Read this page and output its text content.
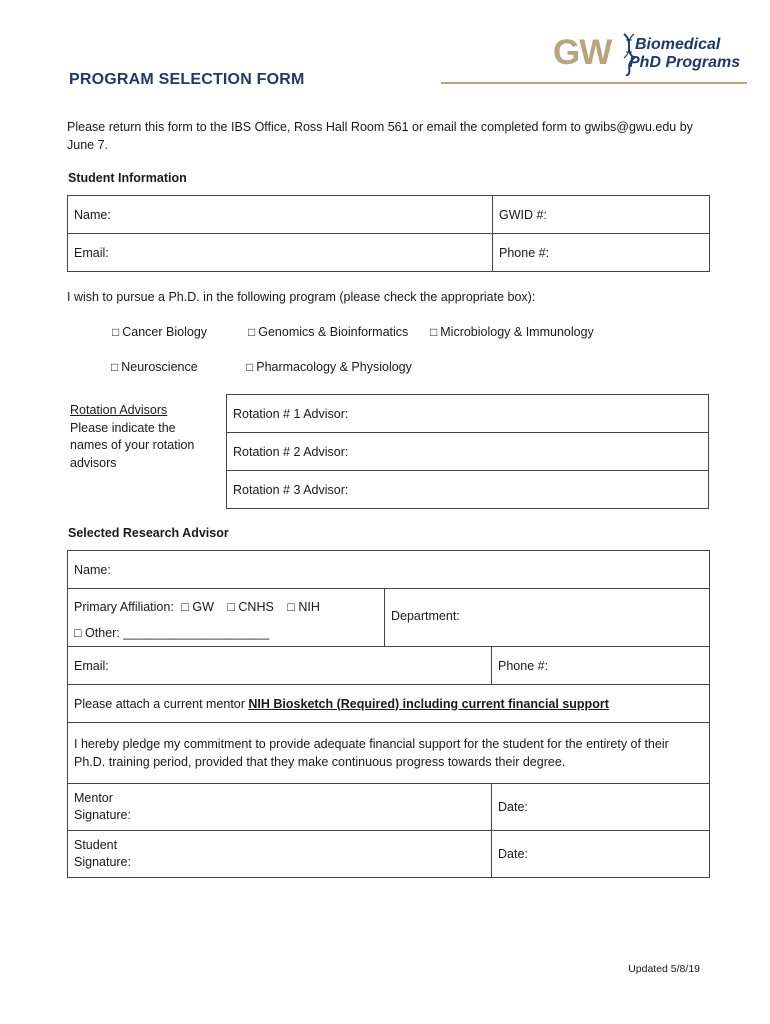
PROGRAM SELECTION FORM
GW Biomedical
PhD Programs
Please return this form to the IBS Office, Ross Hall Room 561 or email the completed form to gwibs@gwu.edu by June 7.
Student Information
Name:	GWID #:
Email:	Phone #:
I wish to pursue a Ph.D. in the following program (please check the appropriate box):
□ Cancer Biology	□ Genomics & Bioinformatics □ Microbiology & Immunology
□ Neuroscience	□ Pharmacology & Physiology
Rotation Advisors
Please indicate the names of your rotation advisors
Rotation # 1 Advisor:
Rotation # 2 Advisor:
Rotation # 3 Advisor:
Selected Research Advisor
Name:		
Primary Affiliation: □ GW □ CNHS □ NIH
□ Other: _____________________	Department:	
Email:		Phone #:
Please attach a current mentor NIH Biosketch (Required) including current financial support		
I hereby pledge my commitment to provide adequate financial support for the student for the entirety of their Ph.D. training period, provided that they make continuous progress towards their degree.		
Mentor
Signature:		Date:
Student
Signature:		Date:
Updated 5/8/19
